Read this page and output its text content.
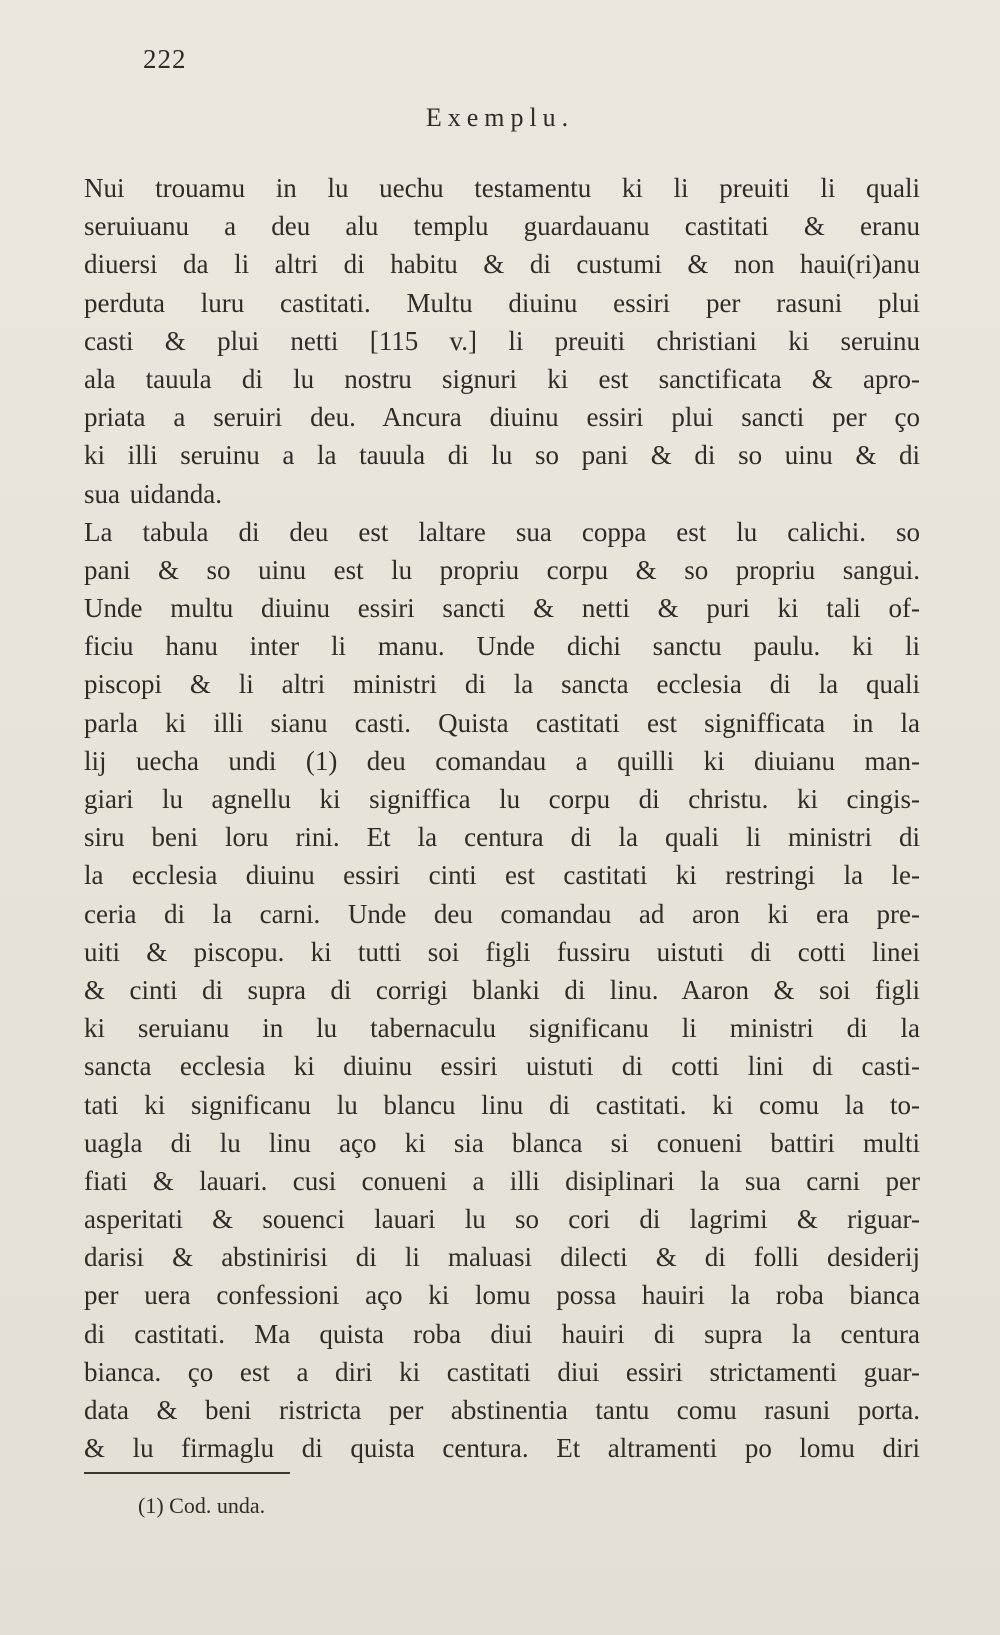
222
Exemplu.
Nui trouamu in lu uechu testamentu ki li preuiti li quali
seruiuanu a deu alu templu guardauanu castitati & eranu
diuersi da li altri di habitu & di custumi & non haui(ri)anu
perduta luru castitati. Multu diuinu essiri per rasuni plui
casti & plui netti [115 v.] li preuiti christiani ki seruinu
ala tauula di lu nostru signuri ki est sanctificata & apro-
priata a seruiri deu. Ancura diuinu essiri plui sancti per ço
ki illi seruinu a la tauula di lu so pani & di so uinu & di
sua uidanda.
La tabula di deu est laltare sua coppa est lu calichi. so
pani & so uinu est lu propriu corpu & so propriu sangui.
Unde multu diuinu essiri sancti & netti & puri ki tali of-
ficiu hanu inter li manu. Unde dichi sanctu paulu. ki li
piscopi & li altri ministri di la sancta ecclesia di la quali
parla ki illi sianu casti. Quista castitati est signifficata in la
lij uecha undi (1) deu comandau a quilli ki diuianu man-
giari lu agnellu ki signiffica lu corpu di christu. ki cingis-
siru beni loru rini. Et la centura di la quali li ministri di
la ecclesia diuinu essiri cinti est castitati ki restringi la le-
ceria di la carni. Unde deu comandau ad aron ki era pre-
uiti & piscopu. ki tutti soi figli fussiru uistuti di cotti linei
& cinti di supra di corrigi blanki di linu. Aaron & soi figli
ki seruianu in lu tabernaculu significanu li ministri di la
sancta ecclesia ki diuinu essiri uistuti di cotti lini di casti-
tati ki significanu lu blancu linu di castitati. ki comu la to-
uagla di lu linu aço ki sia blanca si conueni battiri multi
fiati & lauari. cusi conueni a illi disiplinari la sua carni per
asperitati & souenci lauari lu so cori di lagrimi & riguar-
darisi & abstinirisi di li maluasi dilecti & di folli desiderij
per uera confessioni aço ki lomu possa hauiri la roba bianca
di castitati. Ma quista roba diui hauiri di supra la centura
bianca. ço est a diri ki castitati diui essiri strictamenti guar-
data & beni ristricta per abstinentia tantu comu rasuni porta.
& lu firmaglu di quista centura. Et altramenti po lomu diri
(1) Cod. unda.
